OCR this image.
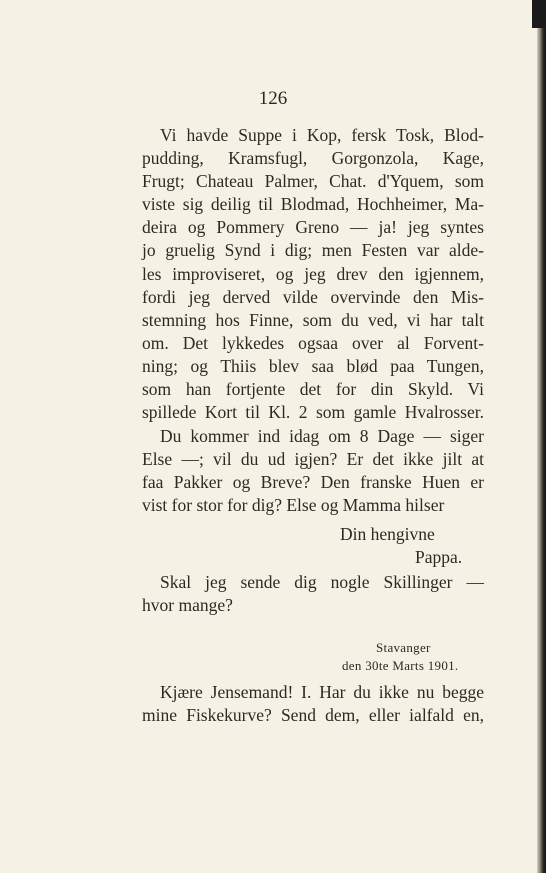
126
Vi havde Suppe i Kop, fersk Tosk, Blod-
pudding, Kramsfugl, Gorgonzola, Kage,
Frugt; Chateau Palmer, Chat. d'Yquem, som
viste sig deilig til Blodmad, Hochheimer, Ma-
deira og Pommery Greno — ja! jeg syntes
jo gruelig Synd i dig; men Festen var alde-
les improviseret, og jeg drev den igjennem,
fordi jeg derved vilde overvinde den Mis-
stemning hos Finne, som du ved, vi har talt
om. Det lykkedes ogsaa over al Forvent-
ning; og Thiis blev saa blød paa Tungen,
som han fortjente det for din Skyld. Vi
spillede Kort til Kl. 2 som gamle Hvalrosser.
Du kommer ind idag om 8 Dage — siger
Else —; vil du ud igjen? Er det ikke jilt at
faa Pakker og Breve? Den franske Huen er
vist for stor for dig? Else og Mamma hilser
Din hengivne
Pappa.
Skal jeg sende dig nogle Skillinger —
hvor mange?
Stavanger
den 30te Marts 1901.
Kjære Jensemand! I. Har du ikke nu begge
mine Fiskekurve? Send dem, eller ialfald en,
